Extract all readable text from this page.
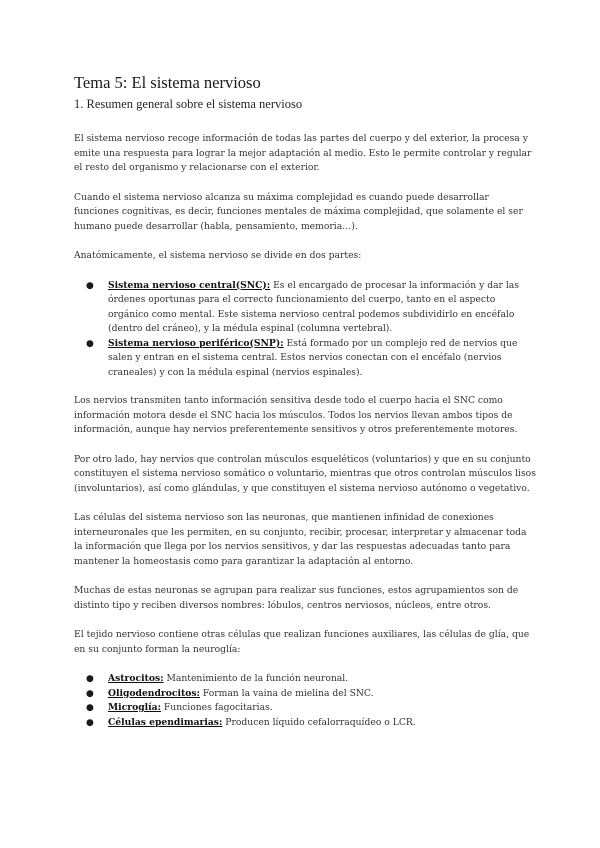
Tema 5: El sistema nervioso
1. Resumen general sobre el sistema nervioso

El sistema nervioso recoge información de todas las partes del cuerpo y del exterior, la procesa y emite una respuesta para lograr la mejor adaptación al medio. Esto le permite controlar y regular el resto del organismo y relacionarse con el exterior.

Cuando el sistema nervioso alcanza su máxima complejidad es cuando puede desarrollar funciones cognitivas, es decir, funciones mentales de máxima complejidad, que solamente el ser humano puede desarrollar (habla, pensamiento, memoria…).

Anatómicamente, el sistema nervioso se divide en dos partes:

● Sistema nervioso central(SNC): Es el encargado de procesar la información y dar las órdenes oportunas para el correcto funcionamiento del cuerpo, tanto en el aspecto orgánico como mental. Este sistema nervioso central podemos subdividirlo en encéfalo (dentro del cráneo), y la médula espinal (columna vertebral).
● Sistema nervioso periférico(SNP): Está formado por un complejo red de nervios que salen y entran en el sistema central. Estos nervios conectan con el encéfalo (nervios craneales) y con la médula espinal (nervios espinales).

Los nervios transmiten tanto información sensitiva desde todo el cuerpo hacia el SNC como información motora desde el SNC hacia los músculos. Todos los nervios llevan ambos tipos de información, aunque hay nervios preferentemente sensitivos y otros preferentemente motores.

Por otro lado, hay nervios que controlan músculos esqueléticos (voluntarios) y que en su conjunto constituyen el sistema nervioso somático o voluntario, mientras que otros controlan músculos lisos (involuntarios), así como glándulas, y que constituyen el sistema nervioso autónomo o vegetativo.

Las células del sistema nervioso son las neuronas, que mantienen infinidad de conexiones interneuronales que les permiten, en su conjunto, recibir, procesar, interpretar y almacenar toda la información que llega por los nervios sensitivos, y dar las respuestas adecuadas tanto para mantener la homeostasis como para garantizar la adaptación al entorno.

Muchas de estas neuronas se agrupan para realizar sus funciones, estos agrupamientos son de distinto tipo y reciben diversos nombres: lóbulos, centros nerviosos, núcleos, entre otros.

El tejido nervioso contiene otras células que realizan funciones auxiliares, las células de glía, que en su conjunto forman la neuroglía:

● Astrocitos: Mantenimiento de la función neuronal.
● Oligodendrocitos: Forman la vaina de mielina del SNC.
● Microglía: Funciones fagocitarias.
● Células ependimarias: Producen líquido cefalorraquídeo o LCR.
